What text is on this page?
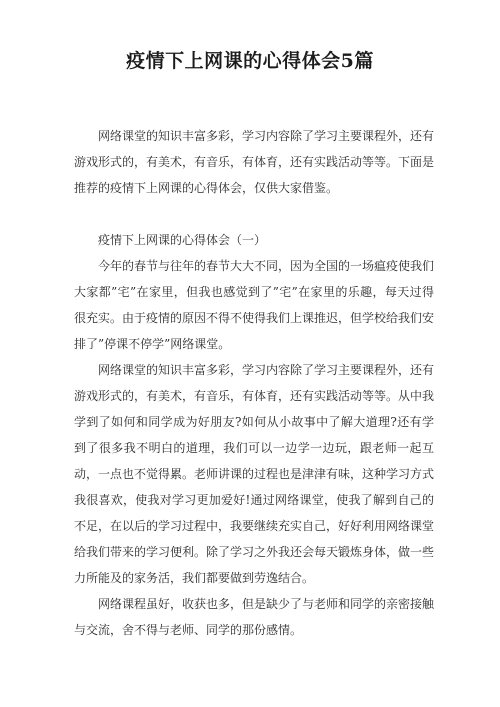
疫情下上网课的心得体会5篇

网络课堂的知识丰富多彩，学习内容除了学习主要课程外，还有游戏形式的，有美术，有音乐，有体育，还有实践活动等等。下面是推荐的疫情下上网课的心得体会，仅供大家借鉴。

疫情下上网课的心得体会（一）

今年的春节与往年的春节大大不同，因为全国的一场瘟疫使我们大家都”宅”在家里，但我也感觉到了”宅”在家里的乐趣，每天过得很充实。由于疫情的原因不得不使得我们上课推迟，但学校给我们安排了”停课不停学”网络课堂。

网络课堂的知识丰富多彩，学习内容除了学习主要课程外，还有游戏形式的，有美术，有音乐，有体育，还有实践活动等等。从中我学到了如何和同学成为好朋友?如何从小故事中了解大道理?还有学到了很多我不明白的道理，我们可以一边学一边玩，跟老师一起互动，一点也不觉得累。老师讲课的过程也是津津有味，这种学习方式我很喜欢，使我对学习更加爱好!通过网络课堂，使我了解到自己的不足，在以后的学习过程中，我要继续充实自己，好好利用网络课堂给我们带来的学习便利。除了学习之外我还会每天锻炼身体，做一些力所能及的家务活，我们都要做到劳逸结合。

网络课程虽好，收获也多，但是缺少了与老师和同学的亲密接触

与交流，舍不得与老师、同学的那份感情。
